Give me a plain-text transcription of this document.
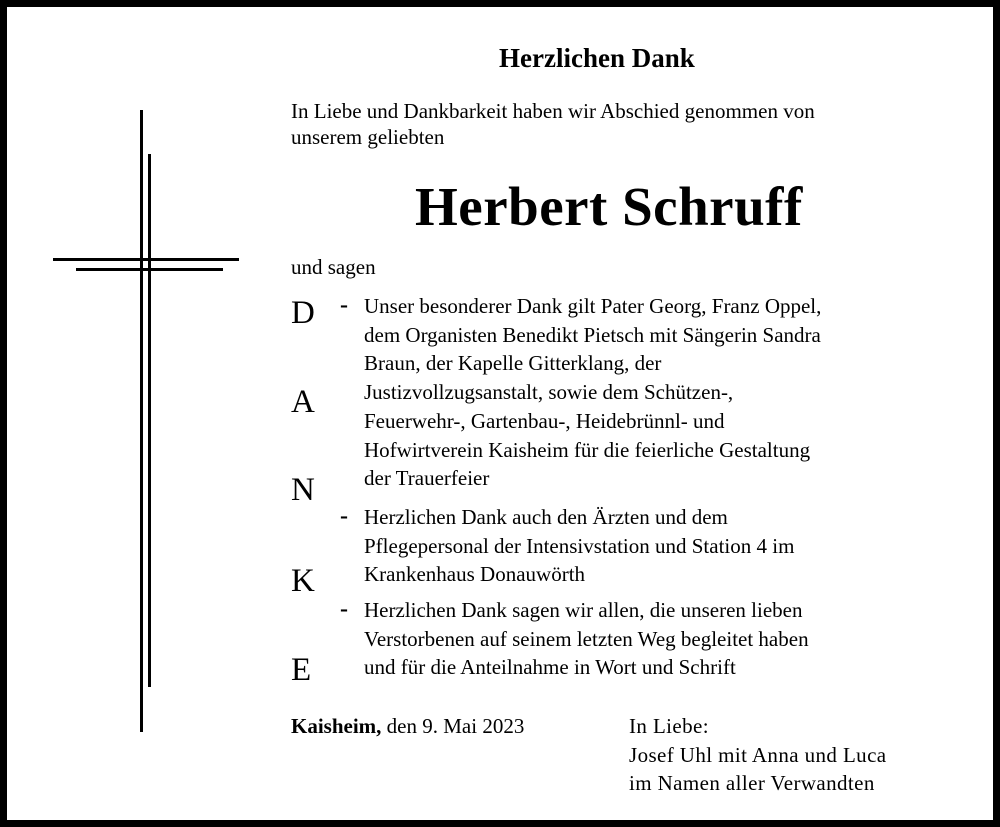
Herzlichen Dank
In Liebe und Dankbarkeit haben wir Abschied genommen von
unserem geliebten
Herbert Schruff
und sagen
D
A
N
K
E
-
-
-
Unser besonderer Dank gilt Pater Georg, Franz Oppel,
dem Organisten Benedikt Pietsch mit Sängerin Sandra
Braun, der Kapelle Gitterklang, der
Justizvollzugsanstalt, sowie dem Schützen-,
Feuerwehr-, Gartenbau-, Heidebrünnl- und
Hofwirtverein Kaisheim für die feierliche Gestaltung
der Trauerfeier
Herzlichen Dank auch den Ärzten und dem
Pflegepersonal der Intensivstation und Station 4 im
Krankenhaus Donauwörth
Herzlichen Dank sagen wir allen, die unseren lieben
Verstorbenen auf seinem letzten Weg begleitet haben
und für die Anteilnahme in Wort und Schrift
Kaisheim, den 9. Mai 2023	In Liebe:
Josef Uhl mit Anna und Luca
im Namen aller Verwandten
